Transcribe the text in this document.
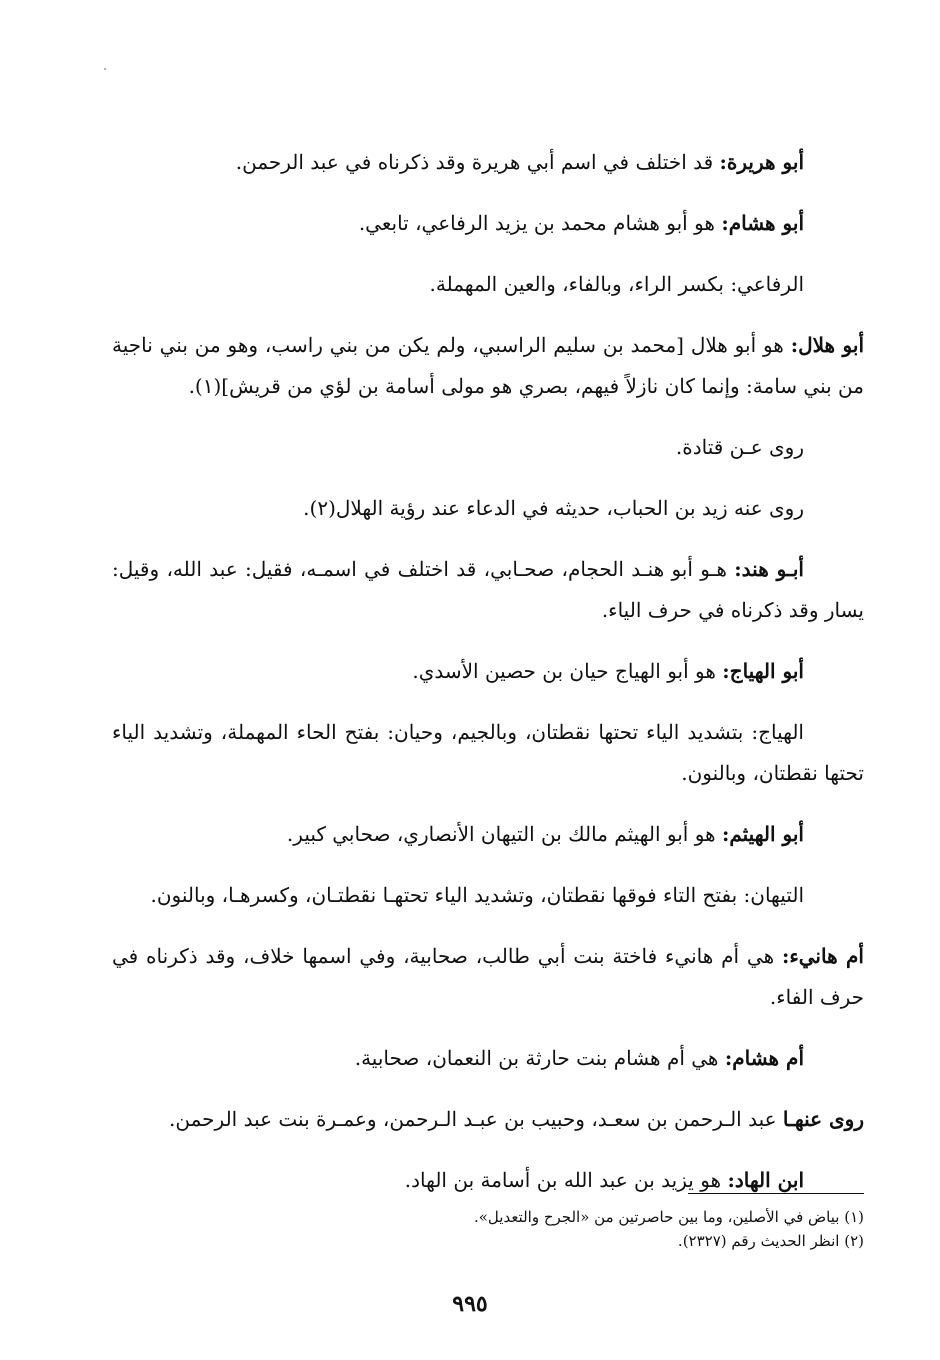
أبو هريرة: قد اختلف في اسم أبي هريرة وقد ذكرناه في عبد الرحمن.

أبو هشام: هو أبو هشام محمد بن يزيد الرفاعي، تابعي.

الرفاعي: بكسر الراء، وبالفاء، والعين المهملة.

أبو هلال: هو أبو هلال [محمد بن سليم الراسبي، ولم يكن من بني راسب، وهو من بني ناجية من بني سامة: وإنما كان نازلاً فيهم، بصري هو مولى أسامة بن لؤي من قريش](١).

روى عـن قتادة.

روى عنه زيد بن الحباب، حديثه في الدعاء عند رؤية الهلال(٢).

أبـو هند: هـو أبو هنـد الحجام، صحـابي، قد اختلف في اسمـه، فقيل: عبد الله، وقيل: يسار وقد ذكرناه في حرف الياء.

أبو الهياج: هو أبو الهياج حيان بن حصين الأسدي.

الهياج: بتشديد الياء تحتها نقطتان، وبالجيم، وحيان: بفتح الحاء المهملة، وتشديد الياء تحتها نقطتان، وبالنون.

أبو الهيثم: هو أبو الهيثم مالك بن التيهان الأنصاري، صحابي كبير.

التيهان: بفتح التاء فوقها نقطتان، وتشديد الياء تحتهـا نقطتـان، وكسرهـا، وبالنون.

أم هانيء: هي أم هانيء فاختة بنت أبي طالب، صحابية، وفي اسمها خلاف، وقد ذكرناه في حرف الفاء.

أم هشام: هي أم هشام بنت حارثة بن النعمان، صحابية.

روى عنهـا عبد الـرحمن بن سعـد، وحبيب بن عبـد الـرحمن، وعمـرة بنت عبد الرحمن.

ابن الهاد: هو يزيد بن عبد الله بن أسامة بن الهاد.

(١) بياض في الأصلين، وما بين حاصرتين من «الجرح والتعديل».
(٢) انظر الحديث رقم (٢٣٢٧).
٩٩٥
